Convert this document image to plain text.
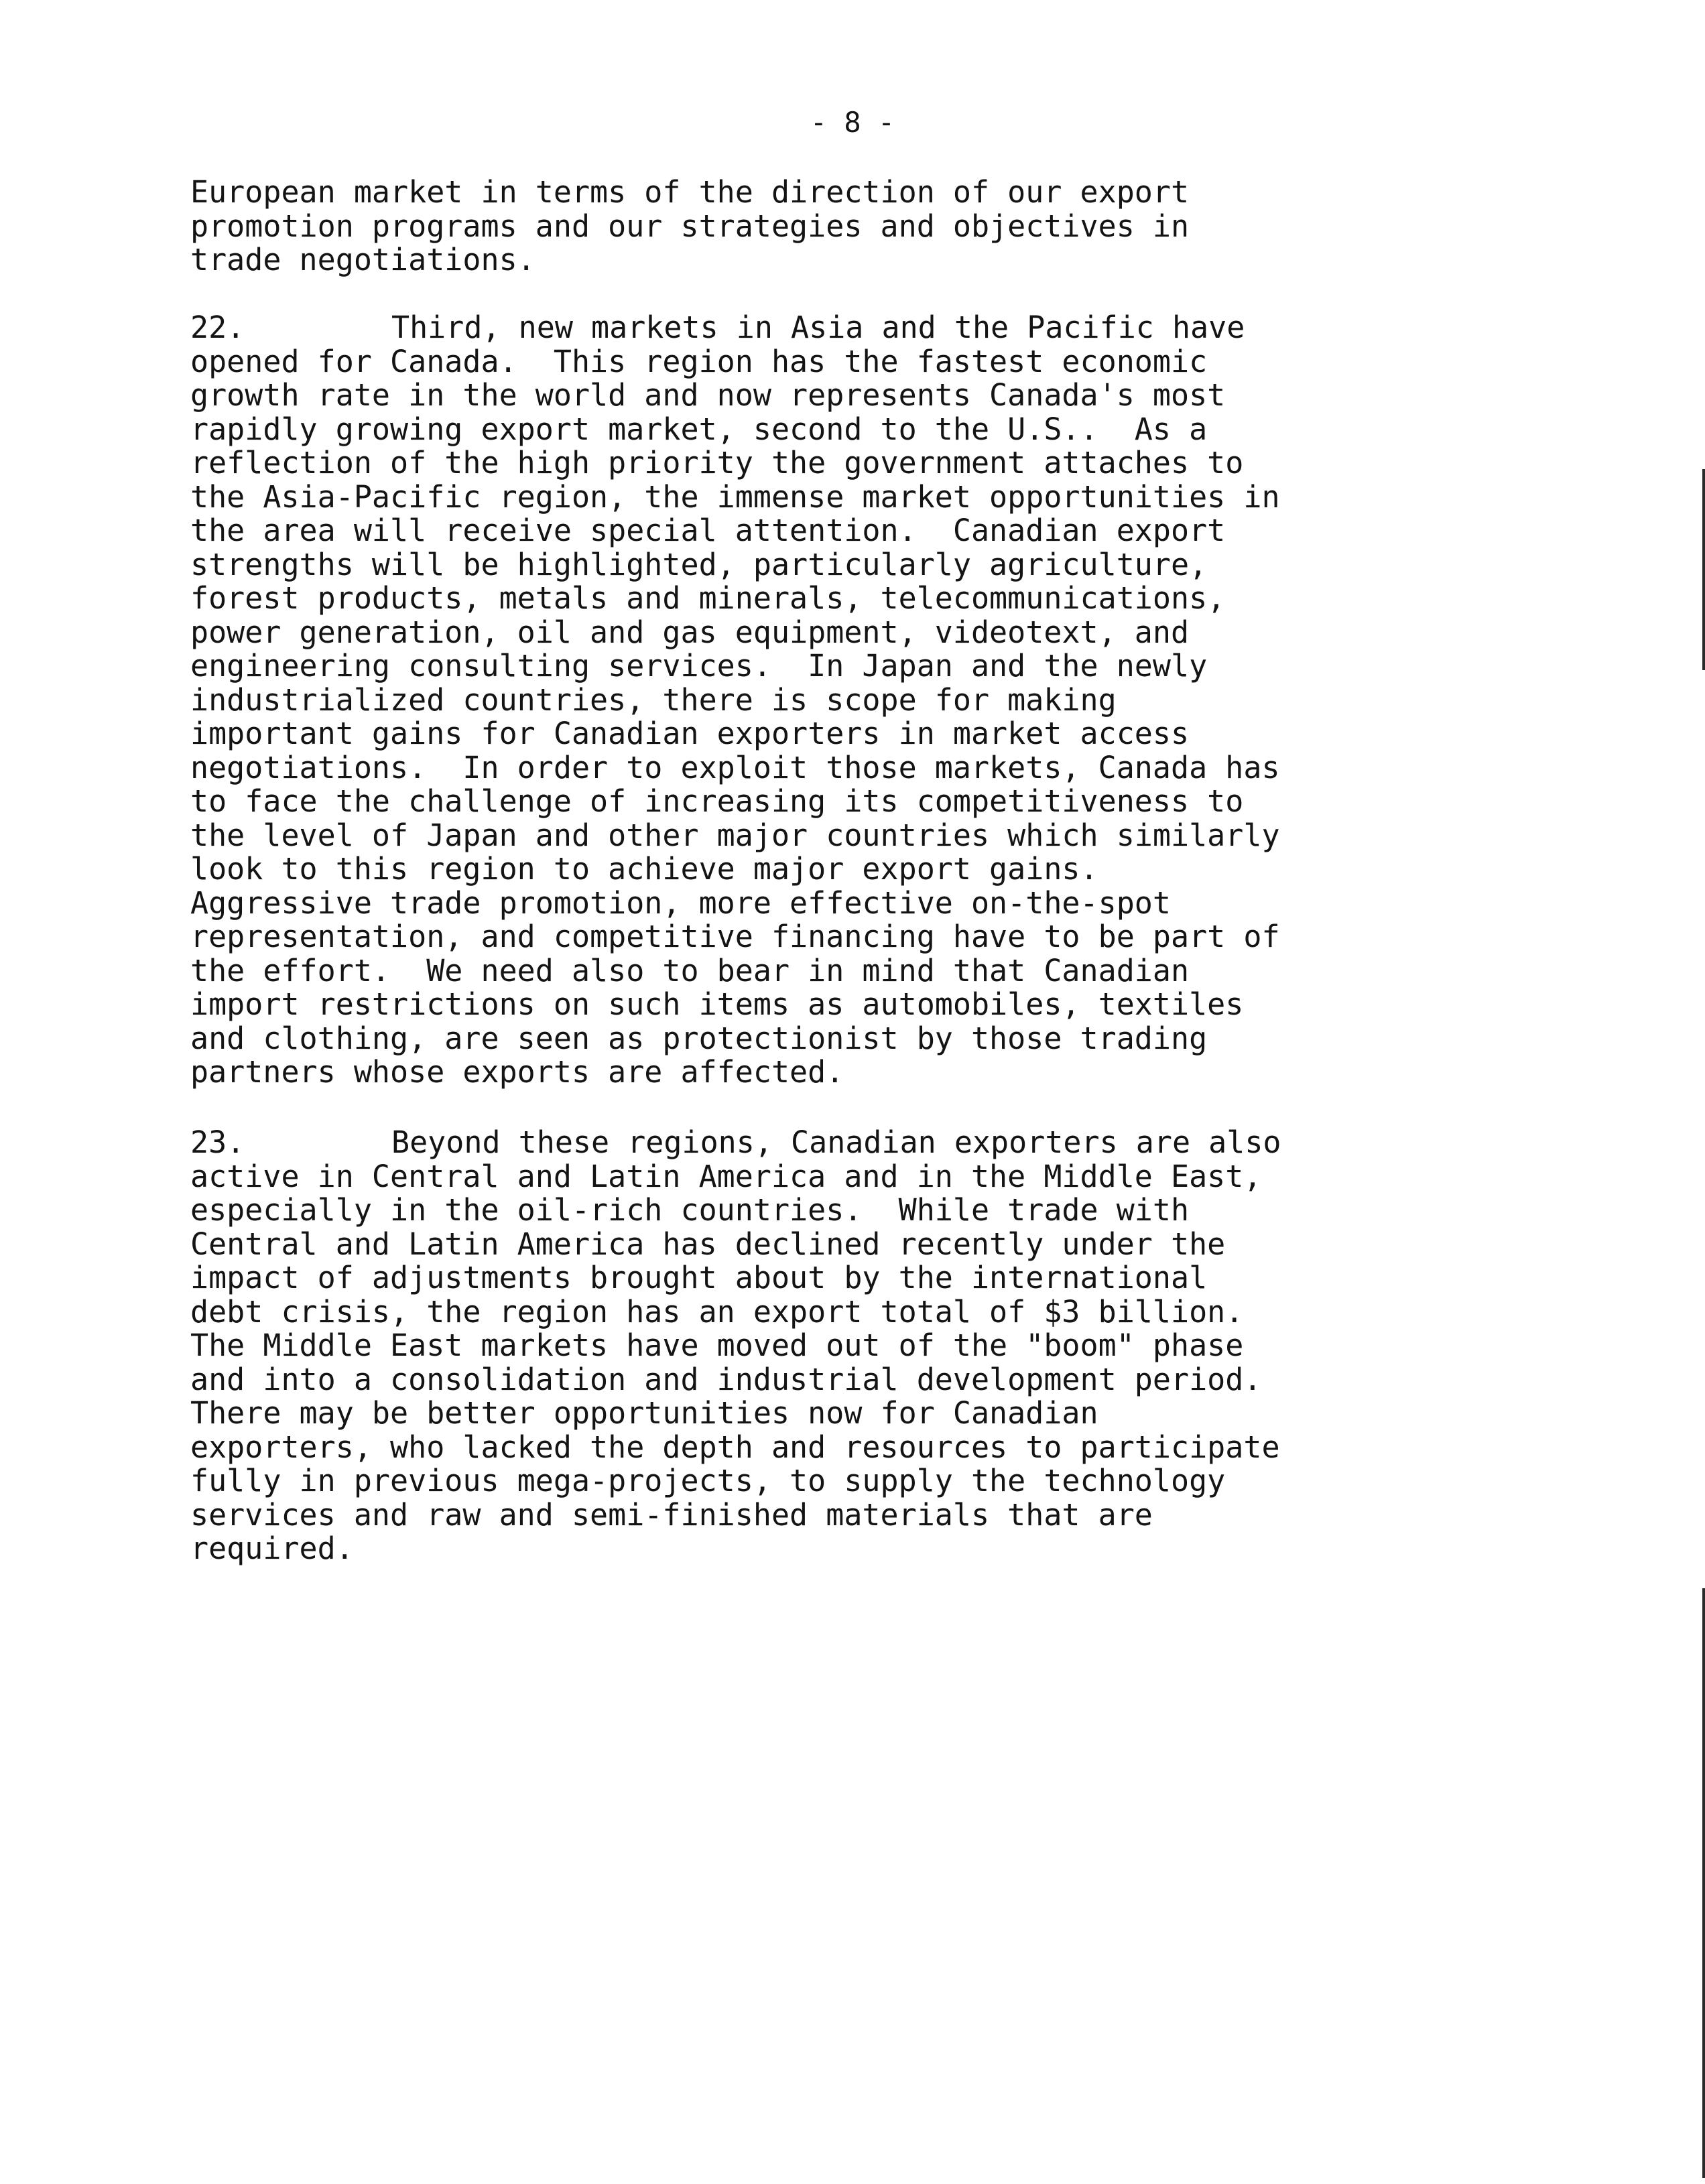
- 8 -
European market in terms of the direction of our export
promotion programs and our strategies and objectives in
trade negotiations.
22.	Third, new markets in Asia and the Pacific have
opened for Canada.  This region has the fastest economic
growth rate in the world and now represents Canada's most
rapidly growing export market, second to the U.S..  As a
reflection of the high priority the government attaches to
the Asia-Pacific region, the immense market opportunities in
the area will receive special attention.  Canadian export
strengths will be highlighted, particularly agriculture,
forest products, metals and minerals, telecommunications,
power generation, oil and gas equipment, videotext, and
engineering consulting services.  In Japan and the newly
industrialized countries, there is scope for making
important gains for Canadian exporters in market access
negotiations.  In order to exploit those markets, Canada has
to face the challenge of increasing its competitiveness to
the level of Japan and other major countries which similarly
look to this region to achieve major export gains.
Aggressive trade promotion, more effective on-the-spot
representation, and competitive financing have to be part of
the effort.  We need also to bear in mind that Canadian
import restrictions on such items as automobiles, textiles
and clothing, are seen as protectionist by those trading
partners whose exports are affected.
23.	Beyond these regions, Canadian exporters are also
active in Central and Latin America and in the Middle East,
especially in the oil-rich countries.  While trade with
Central and Latin America has declined recently under the
impact of adjustments brought about by the international
debt crisis, the region has an export total of $3 billion.
The Middle East markets have moved out of the "boom" phase
and into a consolidation and industrial development period.
There may be better opportunities now for Canadian
exporters, who lacked the depth and resources to participate
fully in previous mega-projects, to supply the technology
services and raw and semi-finished materials that are
required.
